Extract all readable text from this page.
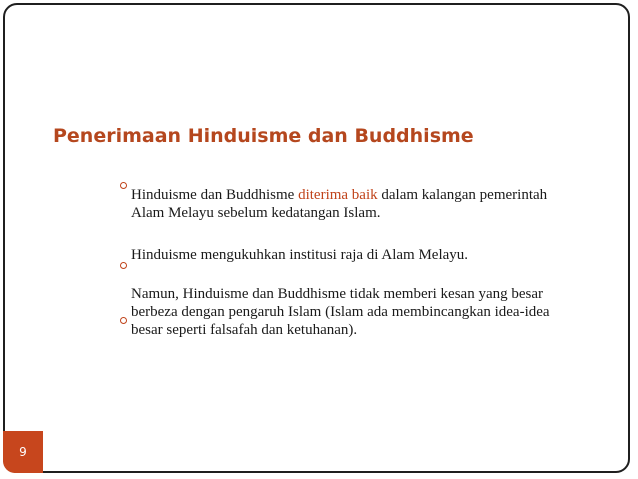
Penerimaan Hinduisme dan Buddhisme

Hinduisme dan Buddhisme diterima baik dalam kalangan pemerintah Alam Melayu sebelum kedatangan Islam.

Hinduisme mengukuhkan institusi raja di Alam Melayu.

Namun, Hinduisme dan Buddhisme tidak memberi kesan yang besar berbeza dengan pengaruh Islam (Islam ada membincangkan idea-idea besar seperti falsafah dan ketuhanan).

9
